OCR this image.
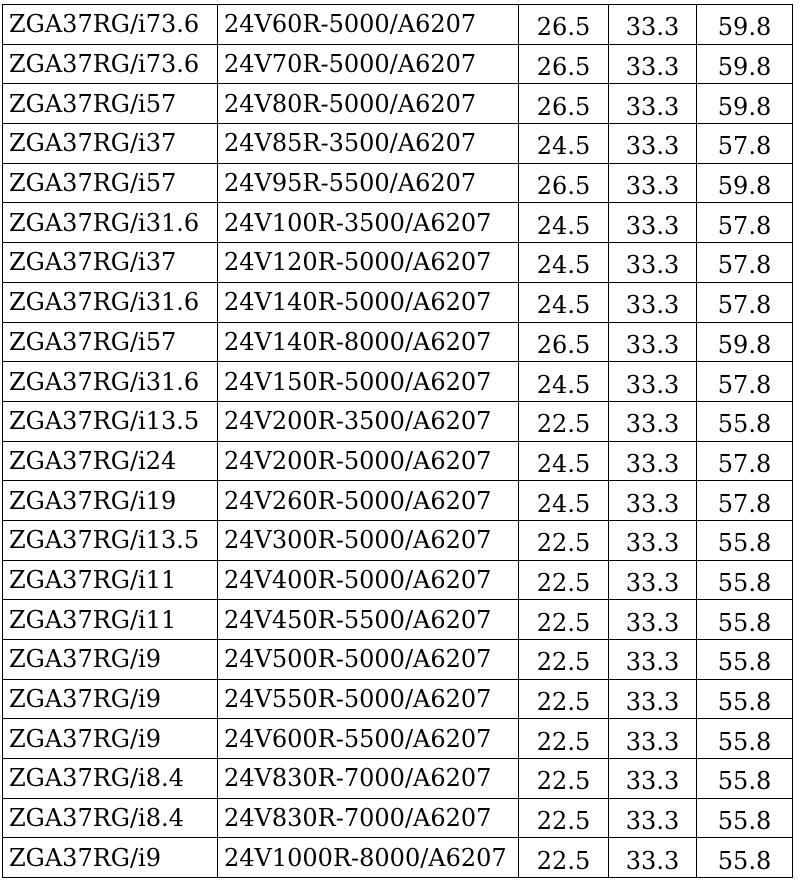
ZGA37RG/i73.6	24V60R-5000/A6207	26.5	33.3	59.8
ZGA37RG/i73.6	24V70R-5000/A6207	26.5	33.3	59.8
ZGA37RG/i57	24V80R-5000/A6207	26.5	33.3	59.8
ZGA37RG/i37	24V85R-3500/A6207	24.5	33.3	57.8
ZGA37RG/i57	24V95R-5500/A6207	26.5	33.3	59.8
ZGA37RG/i31.6	24V100R-3500/A6207	24.5	33.3	57.8
ZGA37RG/i37	24V120R-5000/A6207	24.5	33.3	57.8
ZGA37RG/i31.6	24V140R-5000/A6207	24.5	33.3	57.8
ZGA37RG/i57	24V140R-8000/A6207	26.5	33.3	59.8
ZGA37RG/i31.6	24V150R-5000/A6207	24.5	33.3	57.8
ZGA37RG/i13.5	24V200R-3500/A6207	22.5	33.3	55.8
ZGA37RG/i24	24V200R-5000/A6207	24.5	33.3	57.8
ZGA37RG/i19	24V260R-5000/A6207	24.5	33.3	57.8
ZGA37RG/i13.5	24V300R-5000/A6207	22.5	33.3	55.8
ZGA37RG/i11	24V400R-5000/A6207	22.5	33.3	55.8
ZGA37RG/i11	24V450R-5500/A6207	22.5	33.3	55.8
ZGA37RG/i9	24V500R-5000/A6207	22.5	33.3	55.8
ZGA37RG/i9	24V550R-5000/A6207	22.5	33.3	55.8
ZGA37RG/i9	24V600R-5500/A6207	22.5	33.3	55.8
ZGA37RG/i8.4	24V830R-7000/A6207	22.5	33.3	55.8
ZGA37RG/i8.4	24V830R-7000/A6207	22.5	33.3	55.8
ZGA37RG/i9	24V1000R-8000/A6207	22.5	33.3	55.8
